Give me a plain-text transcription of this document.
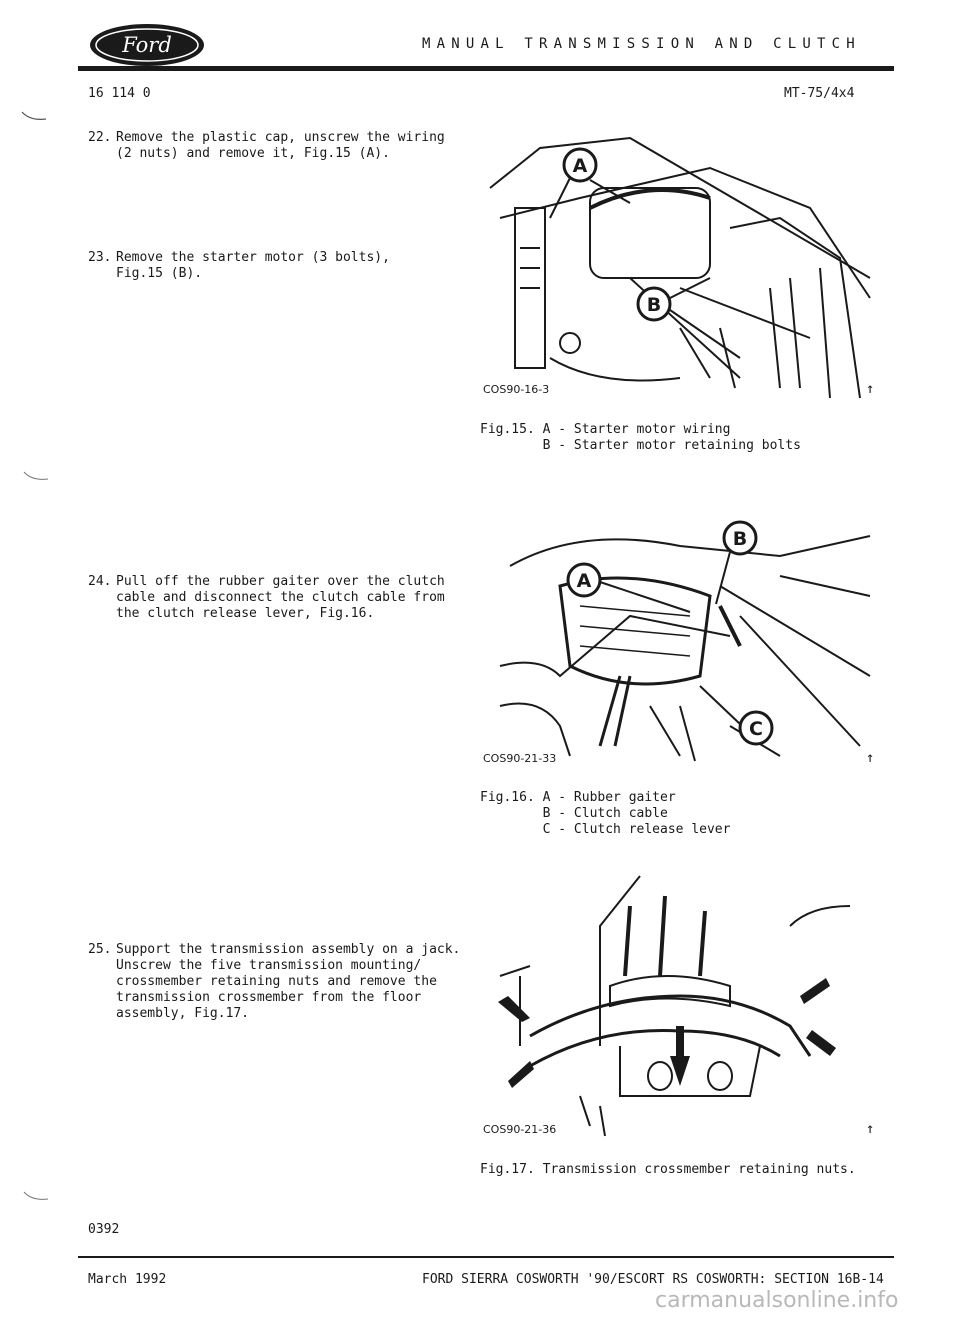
Ford	MANUAL TRANSMISSION AND CLUTCH
16 114 0	MT-75/4x4
22. Remove the plastic cap, unscrew the wiring
(2 nuts) and remove it, Fig.15 (A).
23. Remove the starter motor (3 bolts),
Fig.15 (B).
24. Pull off the rubber gaiter over the clutch
cable and disconnect the clutch cable from
the clutch release lever, Fig.16.
25. Support the transmission assembly on a jack.
Unscrew the five transmission mounting/
crossmember retaining nuts and remove the
transmission crossmember from the floor
assembly, Fig.17.
A
B
COS90-16-3	↑
Fig.15. A - Starter motor wiring
B - Starter motor retaining bolts
A
B
C
COS90-21-33	↑
Fig.16. A - Rubber gaiter
B - Clutch cable
C - Clutch release lever
COS90-21-36	↑
Fig.17. Transmission crossmember retaining nuts.
0392
March 1992	FORD SIERRA COSWORTH '90/ESCORT RS COSWORTH: SECTION 16B-14
carmanualsonline.info
